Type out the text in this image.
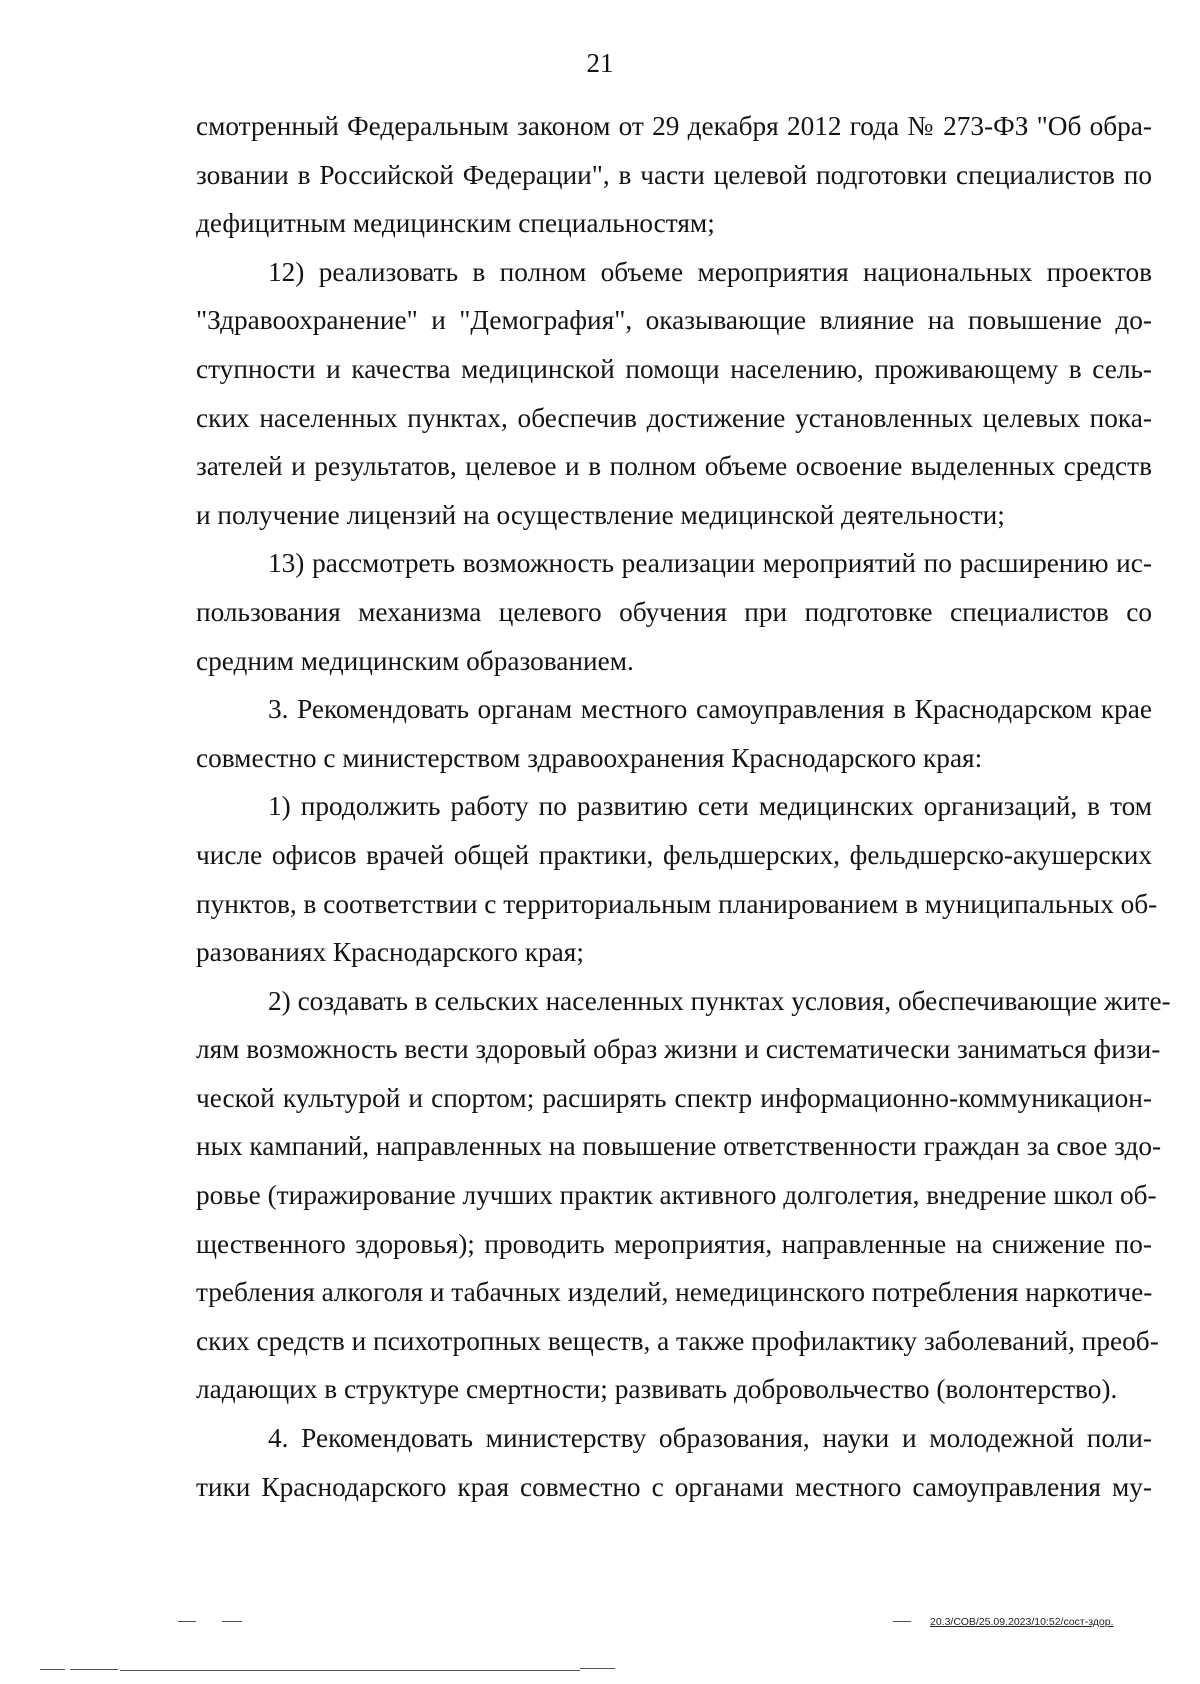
21
смотренный Федеральным законом от 29 декабря 2012 года № 273-ФЗ "Об обра-
зовании в Российской Федерации", в части целевой подготовки специалистов по
дефицитным медицинским специальностям;
12) реализовать в полном объеме мероприятия национальных проектов
"Здравоохранение" и "Демография", оказывающие влияние на повышение до-
ступности и качества медицинской помощи населению, проживающему в сель-
ских населенных пунктах, обеспечив достижение установленных целевых пока-
зателей и результатов, целевое и в полном объеме освоение выделенных средств
и получение лицензий на осуществление медицинской деятельности;
13) рассмотреть возможность реализации мероприятий по расширению ис-
пользования механизма целевого обучения при подготовке специалистов со
средним медицинским образованием.
3. Рекомендовать органам местного самоуправления в Краснодарском крае
совместно с министерством здравоохранения Краснодарского края:
1) продолжить работу по развитию сети медицинских организаций, в том
числе офисов врачей общей практики, фельдшерских, фельдшерско-акушерских
пунктов, в соответствии с территориальным планированием в муниципальных об-
разованиях Краснодарского края;
2) создавать в сельских населенных пунктах условия, обеспечивающие жите-
лям возможность вести здоровый образ жизни и систематически заниматься физи-
ческой культурой и спортом; расширять спектр информационно-коммуникацион-
ных кампаний, направленных на повышение ответственности граждан за свое здо-
ровье (тиражирование лучших практик активного долголетия, внедрение школ об-
щественного здоровья); проводить мероприятия, направленные на снижение по-
требления алкоголя и табачных изделий, немедицинского потребления наркотиче-
ских средств и психотропных веществ, а также профилактику заболеваний, преоб-
ладающих в структуре смертности; развивать добровольчество (волонтерство).
4. Рекомендовать министерству образования, науки и молодежной поли-
тики Краснодарского края совместно с органами местного самоуправления му-
20.3/СОВ/25.09.2023/10:52/сост-здор.
